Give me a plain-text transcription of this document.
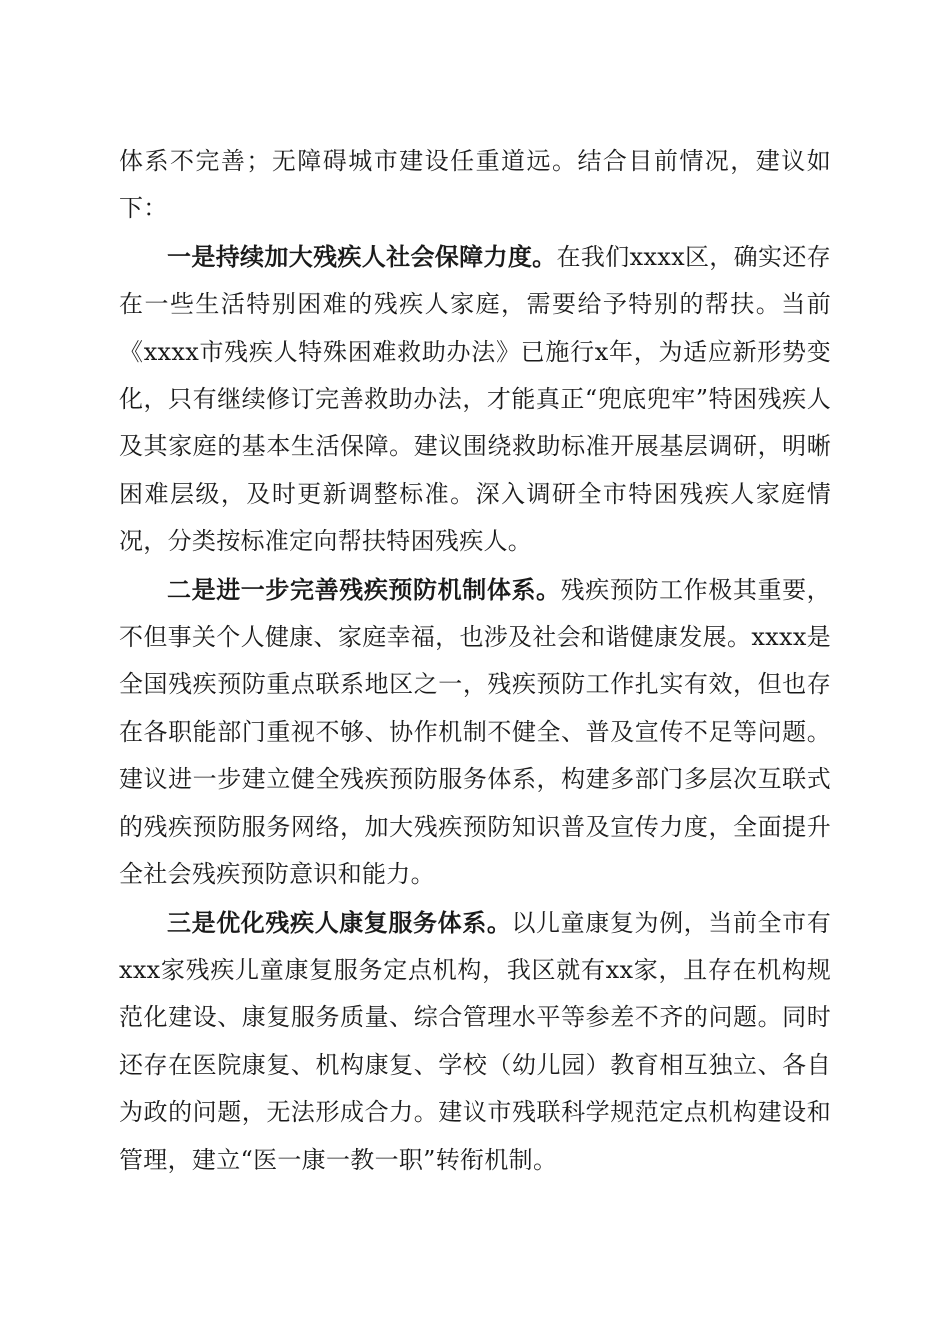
体系不完善；无障碍城市建设任重道远。结合目前情况，建议如下：

一是持续加大残疾人社会保障力度。在我们xxxx区，确实还存在一些生活特别困难的残疾人家庭，需要给予特别的帮扶。当前《xxxx市残疾人特殊困难救助办法》已施行x年，为适应新形势变化，只有继续修订完善救助办法，才能真正“兜底兜牢”特困残疾人及其家庭的基本生活保障。建议围绕救助标准开展基层调研，明晰困难层级，及时更新调整标准。深入调研全市特困残疾人家庭情况，分类按标准定向帮扶特困残疾人。

二是进一步完善残疾预防机制体系。残疾预防工作极其重要，不但事关个人健康、家庭幸福，也涉及社会和谐健康发展。xxxx是全国残疾预防重点联系地区之一，残疾预防工作扎实有效，但也存在各职能部门重视不够、协作机制不健全、普及宣传不足等问题。建议进一步建立健全残疾预防服务体系，构建多部门多层次互联式的残疾预防服务网络，加大残疾预防知识普及宣传力度，全面提升全社会残疾预防意识和能力。

三是优化残疾人康复服务体系。以儿童康复为例，当前全市有xxx家残疾儿童康复服务定点机构，我区就有xx家，且存在机构规范化建设、康复服务质量、综合管理水平等参差不齐的问题。同时还存在医院康复、机构康复、学校（幼儿园）教育相互独立、各自为政的问题，无法形成合力。建议市残联科学规范定点机构建设和管理，建立“医一康一教一职”转衔机制。
